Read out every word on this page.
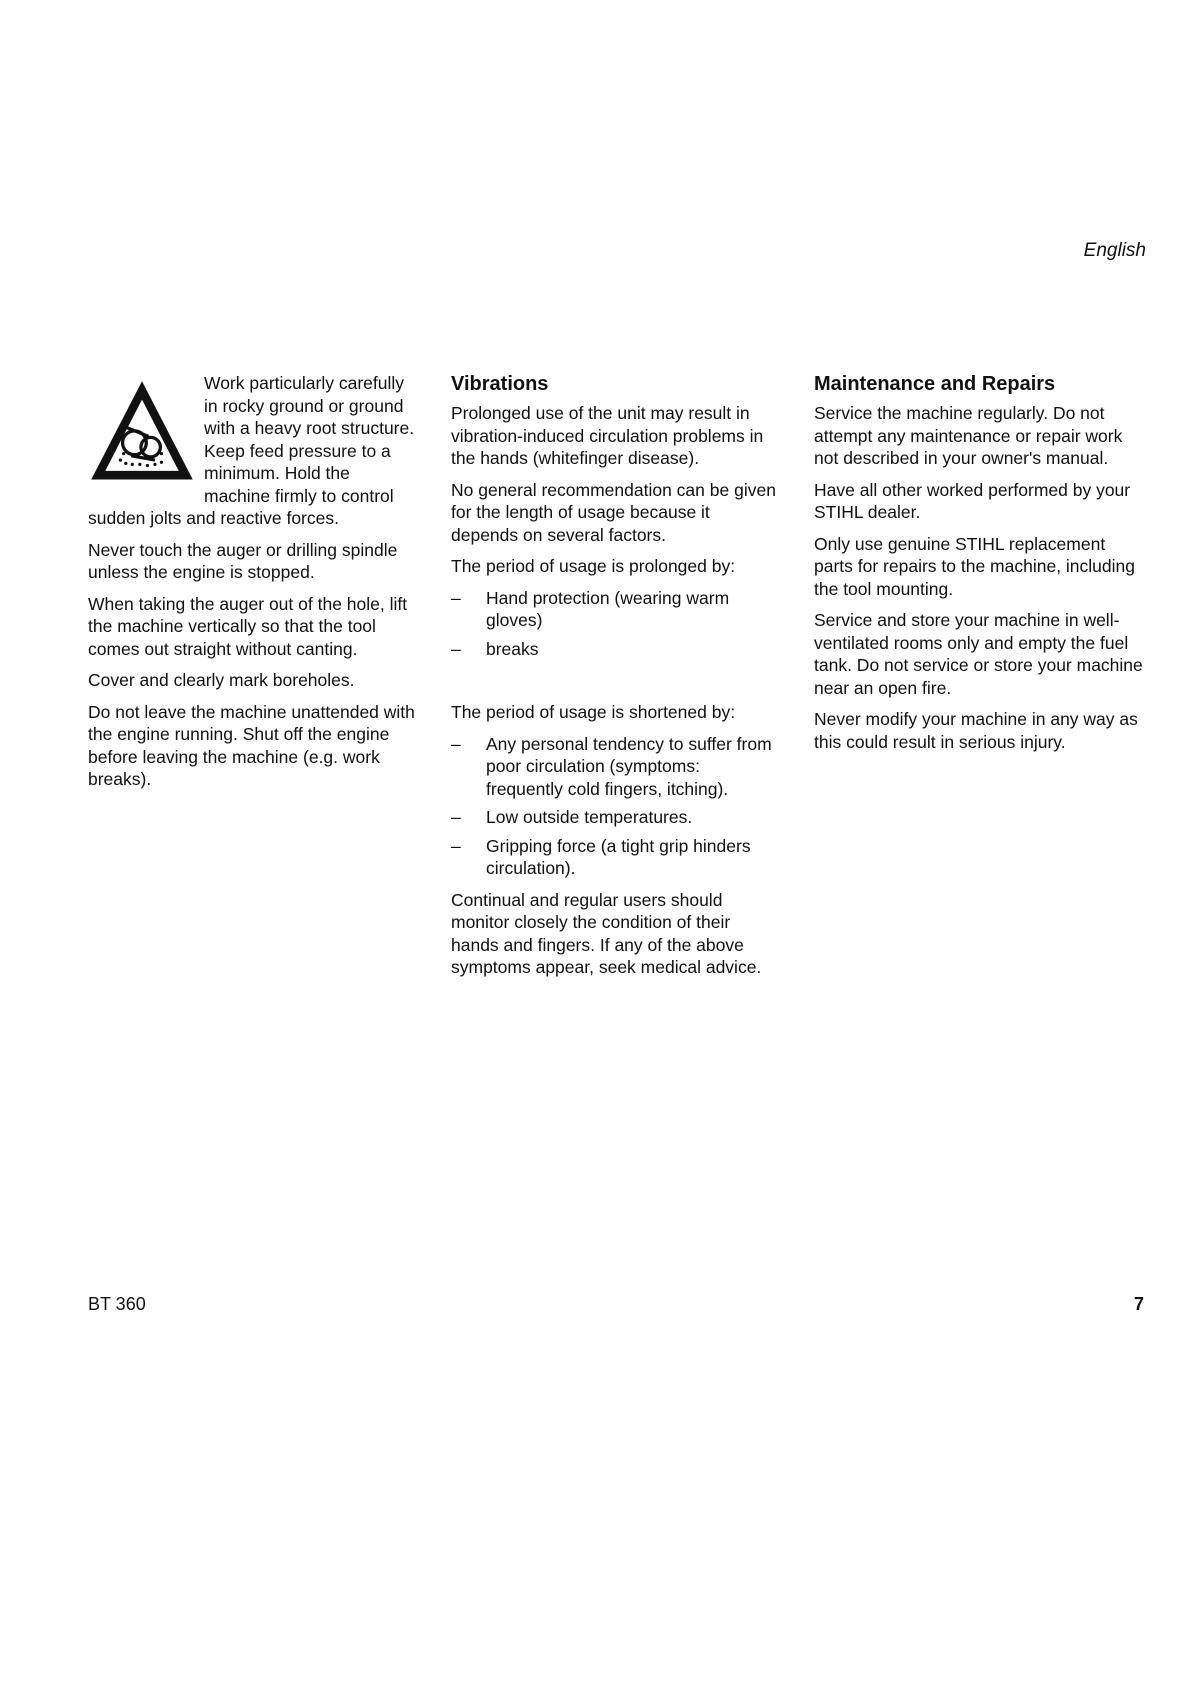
English

Work particularly carefully in rocky ground or ground with a heavy root structure. Keep feed pressure to a minimum. Hold the machine firmly to control sudden jolts and reactive forces.

Never touch the auger or drilling spindle unless the engine is stopped.

When taking the auger out of the hole, lift the machine vertically so that the tool comes out straight without canting.

Cover and clearly mark boreholes.

Do not leave the machine unattended with the engine running. Shut off the engine before leaving the machine (e.g. work breaks).

Vibrations

Prolonged use of the unit may result in vibration-induced circulation problems in the hands (whitefinger disease).

No general recommendation can be given for the length of usage because it depends on several factors.

The period of usage is prolonged by:

– Hand protection (wearing warm gloves)
– breaks

The period of usage is shortened by:

– Any personal tendency to suffer from poor circulation (symptoms: frequently cold fingers, itching).
– Low outside temperatures.
– Gripping force (a tight grip hinders circulation).

Continual and regular users should monitor closely the condition of their hands and fingers. If any of the above symptoms appear, seek medical advice.

Maintenance and Repairs

Service the machine regularly. Do not attempt any maintenance or repair work not described in your owner's manual.

Have all other worked performed by your STIHL dealer.

Only use genuine STIHL replacement parts for repairs to the machine, including the tool mounting.

Service and store your machine in well-ventilated rooms only and empty the fuel tank. Do not service or store your machine near an open fire.

Never modify your machine in any way as this could result in serious injury.

BT 360	7
